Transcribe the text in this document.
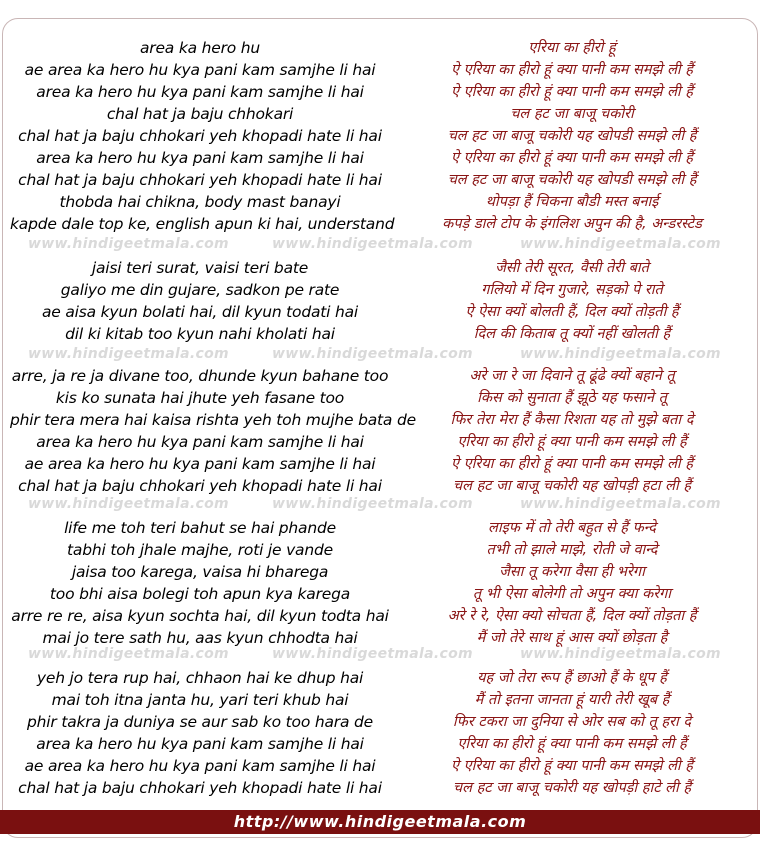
area ka hero hu	एरिया का हीरो हूं
ae area ka hero hu kya pani kam samjhe li hai	ऐ एरिया का हीरो हूं क्या पानी कम समझे ली हैं
area ka hero hu kya pani kam samjhe li hai	ऐ एरिया का हीरो हूं क्या पानी कम समझे ली हैं
chal hat ja baju chhokari	चल हट जा बाजू चकोरी
chal hat ja baju chhokari yeh khopadi hate li hai	चल हट जा बाजू चकोरी यह खोपडी समझे ली हैं
area ka hero hu kya pani kam samjhe li hai	ऐ एरिया का हीरो हूं क्या पानी कम समझे ली हैं
chal hat ja baju chhokari yeh khopadi hate li hai	चल हट जा बाजू चकोरी यह खोपडी समझे ली हैं
thobda hai chikna, body mast banayi	थोपड़ा हैं चिकना बौडी मस्त बनाई
kapde dale top ke, english apun ki hai, understand	कपड़े डाले टोप के इंगलिश अपुन की है, अन्डरस्टेड
jaisi teri surat, vaisi teri bate	जैसी तेरी सूरत, वैसी तेरी बाते
galiyo me din gujare, sadkon pe rate	गलियो में दिन गुजारे, सड़को पे राते
ae aisa kyun bolati hai, dil kyun todati hai	ऐ ऐसा क्यों बोलती हैं, दिल क्यों तोड़ती हैं
dil ki kitab too kyun nahi kholati hai	दिल की किताब तू क्यों नहीं खोलती हैं
arre, ja re ja divane too, dhunde kyun bahane too	अरे जा रे जा दिवाने तू ढूंढे क्यों बहाने तू
kis ko sunata hai jhute yeh fasane too	किस को सुनाता हैं झूठे यह फसाने तू
phir tera mera hai kaisa rishta yeh toh mujhe bata de	फिर तेरा मेरा हैं कैसा रिशता यह तो मुझे बता दे
area ka hero hu kya pani kam samjhe li hai	एरिया का हीरो हूं क्या पानी कम समझे ली हैं
ae area ka hero hu kya pani kam samjhe li hai	ऐ एरिया का हीरो हूं क्या पानी कम समझे ली हैं
chal hat ja baju chhokari yeh khopadi hate li hai	चल हट जा बाजू चकोरी यह खोपड़ी हटा ली हैं
life me toh teri bahut se hai phande	लाइफ में तो तेरी बहुत से हैं फन्दे
tabhi toh jhale majhe, roti je vande	तभी तो झाले माझे, रोती जे वान्दे
jaisa too karega, vaisa hi bharega	जैसा तू करेगा वैसा ही भरेगा
too bhi aisa bolegi toh apun kya karega	तू भी ऐसा बोलेगी तो अपुन क्या करेगा
arre re re, aisa kyun sochta hai, dil kyun todta hai	अरे रे रे, ऐसा क्यो सोचता हैं, दिल क्यों तोड़ता हैं
mai jo tere sath hu, aas kyun chhodta hai	मैं जो तेरे साथ हूं आस क्यों छोड़ता है
yeh jo tera rup hai, chhaon hai ke dhup hai	यह जो तेरा रूप हैं छाओ हैं के धूप हैं
mai toh itna janta hu, yari teri khub hai	मैं तो इतना जानता हूं यारी तेरी खूब हैं
phir takra ja duniya se aur sab ko too hara de	फिर टकरा जा दुनिया से ओर सब को तू हरा दे
area ka hero hu kya pani kam samjhe li hai	एरिया का हीरो हूं क्या पानी कम समझे ली हैं
ae area ka hero hu kya pani kam samjhe li hai	ऐ एरिया का हीरो हूं क्या पानी कम समझे ली हैं
chal hat ja baju chhokari yeh khopadi hate li hai	चल हट जा बाजू चकोरी यह खोपड़ी हाटे ली हैं
www.hindigeetmala.com	www.hindigeetmala.com	www.hindigeetmala.com
www.hindigeetmala.com	www.hindigeetmala.com	www.hindigeetmala.com
www.hindigeetmala.com	www.hindigeetmala.com	www.hindigeetmala.com
www.hindigeetmala.com	www.hindigeetmala.com	www.hindigeetmala.com
http://www.hindigeetmala.com
